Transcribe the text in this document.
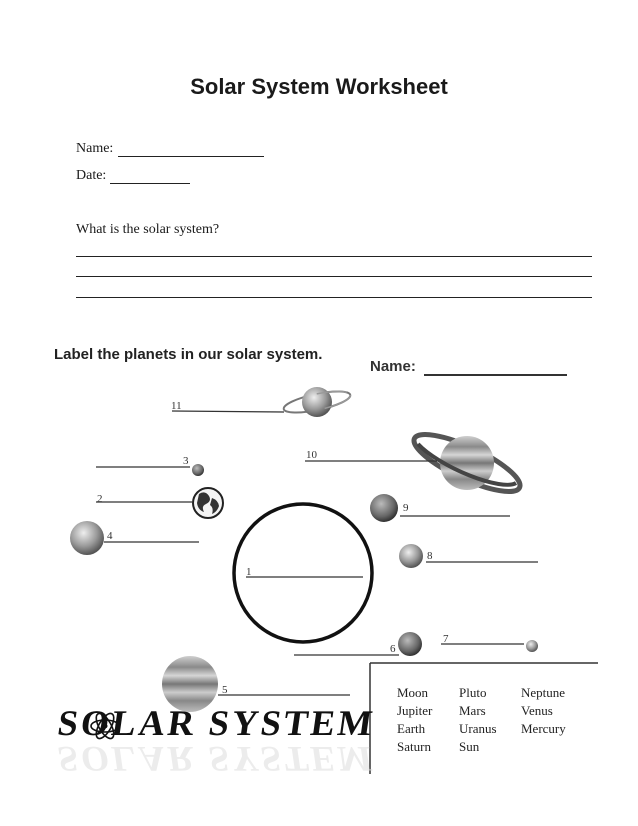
Solar System Worksheet
Name:
Date:
What is the solar system?
Label the planets in our solar system.
Name:
11
10
3
2
9
4
8
1
7
6
5	Moon
Jupiter
Earth
Saturn
Pluto
Mars
Uranus
Sun
Neptune
Venus
Mercury
SOLAR SYSTEM
SOLAR SYSTEM
